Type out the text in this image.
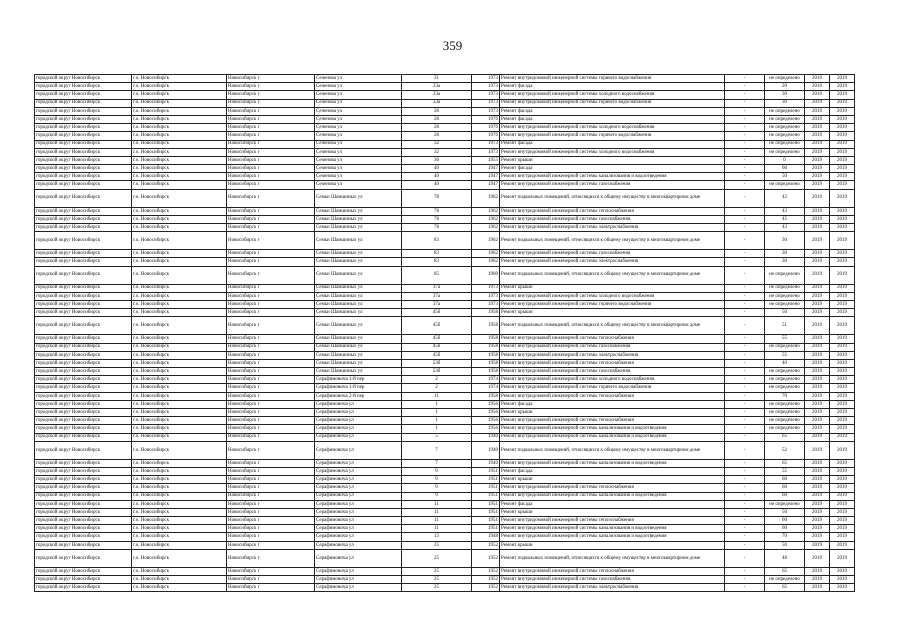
359
городской округ Новосибирск	г.о. Новосибирск	Новосибирск г	Сеченова ул	31	1973	Ремонт внутридомовой инженерной системы горячего водоснабжения	-	не определено	2019	2019
городской округ Новосибирск	г.о. Новосибирск	Новосибирск г	Сеченова ул	33а	1973	Ремонт фасада	-	20	2019	2019
городской округ Новосибирск	г.о. Новосибирск	Новосибирск г	Сеченова ул	33а	1973	Ремонт внутридомовой инженерной системы холодного водоснабжения	-	30	2019	2019
городской округ Новосибирск	г.о. Новосибирск	Новосибирск г	Сеченова ул	33а	1973	Ремонт внутридомовой инженерной системы горячего водоснабжения	-	30	2019	2019
городской округ Новосибирск	г.о. Новосибирск	Новосибирск г	Сеченова ул	26	1973	Ремонт фасада	-	не определено	2019	2019
городской округ Новосибирск	г.о. Новосибирск	Новосибирск г	Сеченова ул	28	1976	Ремонт фасада	-	не определено	2019	2019
городской округ Новосибирск	г.о. Новосибирск	Новосибирск г	Сеченова ул	28	1976	Ремонт внутридомовой инженерной системы холодного водоснабжения	-	не определено	2019	2019
городской округ Новосибирск	г.о. Новосибирск	Новосибирск г	Сеченова ул	28	1976	Ремонт внутридомовой инженерной системы горячего водоснабжения	-	не определено	2019	2019
городской округ Новосибирск	г.о. Новосибирск	Новосибирск г	Сеченова ул	32	1973	Ремонт фасада	-	не определено	2019	2019
городской округ Новосибирск	г.о. Новосибирск	Новосибирск г	Сеченова ул	32	1973	Ремонт внутридомовой инженерной системы холодного водоснабжения	-	не определено	2019	2019
городской округ Новосибирск	г.о. Новосибирск	Новосибирск г	Сеченова ул	36	1955	Ремонт крыши	-	0	2019	2019
городской округ Новосибирск	г.о. Новосибирск	Новосибирск г	Сеченова ул	40	1947	Ремонт фасада	-	60	2019	2019
городской округ Новосибирск	г.о. Новосибирск	Новосибирск г	Сеченова ул	40	1947	Ремонт внутридомовой инженерной системы канализования и водоотведения	-	50	2019	2019
городской округ Новосибирск	г.о. Новосибирск	Новосибирск г	Сеченова ул	40	1947	Ремонт внутридомовой инженерной системы газоснабжения	-	не определено	2019	2019
городской округ Новосибирск	г.о. Новосибирск	Новосибирск г	Семьи Шамшиных ул	78	1962	Ремонт подвальных помещений, относящихся к общему имуществу в многоквартирном доме	-	42	2019	2019
городской округ Новосибирск	г.о. Новосибирск	Новосибирск г	Семьи Шамшиных ул	78	1962	Ремонт внутридомовой инженерной системы теплоснабжения	-	43	2019	2019
городской округ Новосибирск	г.о. Новосибирск	Новосибирск г	Семьи Шамшиных ул	78	1962	Ремонт внутридомовой инженерной системы газоснабжения	-	45	2019	2019
городской округ Новосибирск	г.о. Новосибирск	Новосибирск г	Семьи Шамшиных ул	78	1962	Ремонт внутридомовой инженерной системы электроснабжения	-	43	2019	2019
городской округ Новосибирск	г.о. Новосибирск	Новосибирск г	Семьи Шамшиных ул	83	1962	Ремонт подвальных помещений, относящихся к общему имуществу в многоквартирном доме	-	30	2019	2019
городской округ Новосибирск	г.о. Новосибирск	Новосибирск г	Семьи Шамшиных ул	83	1962	Ремонт внутридомовой инженерной системы газоснабжения	-	30	2019	2019
городской округ Новосибирск	г.о. Новосибирск	Новосибирск г	Семьи Шамшиных ул	83	1962	Ремонт внутридомовой инженерной системы электроснабжения	-	30	2019	2019
городской округ Новосибирск	г.о. Новосибирск	Новосибирск г	Семьи Шамшиных ул	85	1960	Ремонт подвальных помещений, относящихся к общему имуществу в многоквартирном доме	-	не определено	2019	2019
городской округ Новосибирск	г.о. Новосибирск	Новосибирск г	Семьи Шамшиных ул	37а	1973	Ремонт крыши	-	не определено	2019	2019
городской округ Новосибирск	г.о. Новосибирск	Новосибирск г	Семьи Шамшиных ул	37а	1973	Ремонт внутридомовой инженерной системы холодного водоснабжения	-	не определено	2019	2019
городской округ Новосибирск	г.о. Новосибирск	Новосибирск г	Семьи Шамшиных ул	37а	1973	Ремонт внутридомовой инженерной системы горячего водоснабжения	-	не определено	2019	2019
городской округ Новосибирск	г.о. Новосибирск	Новосибирск г	Семьи Шамшиных ул	45б	1958	Ремонт крыши	-	50	2019	2019
городской округ Новосибирск	г.о. Новосибирск	Новосибирск г	Семьи Шамшиных ул	45б	1958	Ремонт подвальных помещений, относящихся к общему имуществу в многоквартирном доме	-	51	2019	2019
городской округ Новосибирск	г.о. Новосибирск	Новосибирск г	Семьи Шамшиных ул	45б	1958	Ремонт внутридомовой инженерной системы теплоснабжения	-	55	2019	2019
городской округ Новосибирск	г.о. Новосибирск	Новосибирск г	Семьи Шамшиных ул	45б	1958	Ремонт внутридомовой инженерной системы газоснабжения	-	не определено	2019	2019
городской округ Новосибирск	г.о. Новосибирск	Новосибирск г	Семьи Шамшиных ул	45б	1958	Ремонт внутридомовой инженерной системы электроснабжения	-	55	2019	2019
городской округ Новосибирск	г.о. Новосибирск	Новосибирск г	Семьи Шамшиных ул	53б	1958	Ремонт внутридомовой инженерной системы теплоснабжения	-	40	2019	2019
городской округ Новосибирск	г.о. Новосибирск	Новосибирск г	Семьи Шамшиных ул	53б	1958	Ремонт внутридомовой инженерной системы газоснабжения	-	не определено	2019	2019
городской округ Новосибирск	г.о. Новосибирск	Новосибирск г	Серафимовича 1-й пер	2	1974	Ремонт внутридомовой инженерной системы холодного водоснабжения	-	не определено	2019	2019
городской округ Новосибирск	г.о. Новосибирск	Новосибирск г	Серафимовича 1-й пер	2	1974	Ремонт внутридомовой инженерной системы горячего водоснабжения	-	не определено	2019	2019
городской округ Новосибирск	г.о. Новосибирск	Новосибирск г	Серафимовича 2-й пер	11	1958	Ремонт внутридомовой инженерной системы теплоснабжения	-	70	2019	2019
городской округ Новосибирск	г.о. Новосибирск	Новосибирск г	Серафимовича ул	1	1956	Ремонт фасада	-	не определено	2019	2019
городской округ Новосибирск	г.о. Новосибирск	Новосибирск г	Серафимовича ул	1	1956	Ремонт крыши	-	не определено	2019	2019
городской округ Новосибирск	г.о. Новосибирск	Новосибирск г	Серафимовича ул	1	1956	Ремонт внутридомовой инженерной системы теплоснабжения	-	не определено	2019	2019
городской округ Новосибирск	г.о. Новосибирск	Новосибирск г	Серафимовича ул	1	1956	Ремонт внутридомовой инженерной системы канализования и водоотведения	-	не определено	2019	2019
городской округ Новосибирск	г.о. Новосибирск	Новосибирск г	Серафимовича ул	5	1940	Ремонт внутридомовой инженерной системы канализования и водоотведения	-	65	2019	2019
городской округ Новосибирск	г.о. Новосибирск	Новосибирск г	Серафимовича ул	7	1940	Ремонт подвальных помещений, относящихся к общему имуществу в многоквартирном доме	-	52	2019	2019
городской округ Новосибирск	г.о. Новосибирск	Новосибирск г	Серафимовича ул	7	1940	Ремонт внутридомовой инженерной системы канализования и водоотведения	-	65	2019	2019
городской округ Новосибирск	г.о. Новосибирск	Новосибирск г	Серафимовича ул	9	1951	Ремонт фасада	-	55	2019	2019
городской округ Новосибирск	г.о. Новосибирск	Новосибирск г	Серафимовича ул	9	1951	Ремонт крыши	-	60	2019	2019
городской округ Новосибирск	г.о. Новосибирск	Новосибирск г	Серафимовича ул	9	1951	Ремонт внутридомовой инженерной системы теплоснабжения	-	60	2019	2019
городской округ Новосибирск	г.о. Новосибирск	Новосибирск г	Серафимовича ул	9	1951	Ремонт внутридомовой инженерной системы канализования и водоотведения	-	60	2019	2019
городской округ Новосибирск	г.о. Новосибирск	Новосибирск г	Серафимовича ул	11	1951	Ремонт фасада	-	не определено	2019	2019
городской округ Новосибирск	г.о. Новосибирск	Новосибирск г	Серафимовича ул	11	1951	Ремонт крыши	-	50	2019	2019
городской округ Новосибирск	г.о. Новосибирск	Новосибирск г	Серафимовича ул	11	1951	Ремонт внутридомовой инженерной системы теплоснабжения	-	60	2019	2019
городской округ Новосибирск	г.о. Новосибирск	Новосибирск г	Серафимовича ул	11	1951	Ремонт внутридомовой инженерной системы канализования и водоотведения	-	60	2019	2019
городской округ Новосибирск	г.о. Новосибирск	Новосибирск г	Серафимовича ул	13	1948	Ремонт внутридомовой инженерной системы канализования и водоотведения	-	70	2019	2019
городской округ Новосибирск	г.о. Новосибирск	Новосибирск г	Серафимовича ул	25	1952	Ремонт крыши	-	50	2019	2019
городской округ Новосибирск	г.о. Новосибирск	Новосибирск г	Серафимовича ул	25	1952	Ремонт подвальных помещений, относящихся к общему имуществу в многоквартирном доме	-	48	2019	2019
городской округ Новосибирск	г.о. Новосибирск	Новосибирск г	Серафимовича ул	25	1952	Ремонт внутридомовой инженерной системы теплоснабжения	-	65	2019	2019
городской округ Новосибирск	г.о. Новосибирск	Новосибирск г	Серафимовича ул	25	1952	Ремонт внутридомовой инженерной системы газоснабжения	-	не определено	2019	2019
городской округ Новосибирск	г.о. Новосибирск	Новосибирск г	Серафимовича ул	25	1952	Ремонт внутридомовой инженерной системы электроснабжения	-	65	2019	2019
